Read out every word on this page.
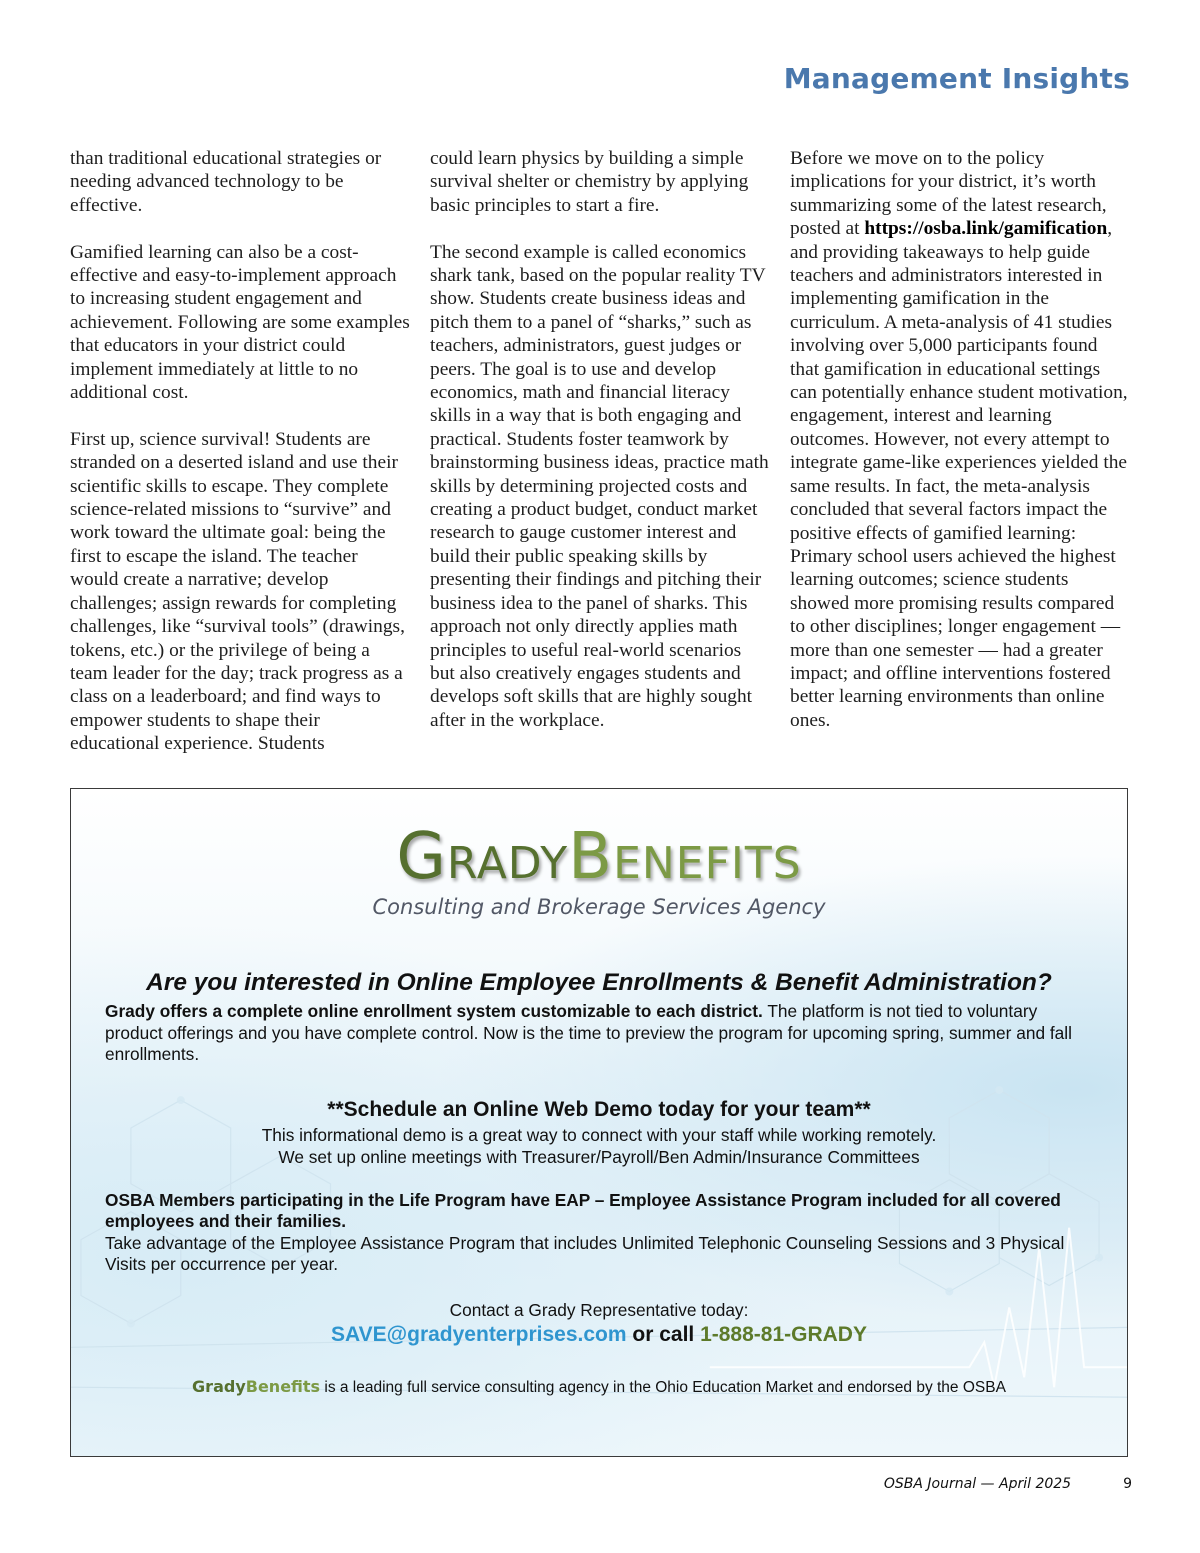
Management Insights

than traditional educational strategies or needing advanced technology to be effective.

Gamified learning can also be a cost-effective and easy-to-implement approach to increasing student engagement and achievement. Following are some examples that educators in your district could implement immediately at little to no additional cost.

First up, science survival! Students are stranded on a deserted island and use their scientific skills to escape. They complete science-related missions to “survive” and work toward the ultimate goal: being the first to escape the island. The teacher would create a narrative; develop challenges; assign rewards for completing challenges, like “survival tools” (drawings, tokens, etc.) or the privilege of being a team leader for the day; track progress as a class on a leaderboard; and find ways to empower students to shape their educational experience. Students

could learn physics by building a simple survival shelter or chemistry by applying basic principles to start a fire.

The second example is called economics shark tank, based on the popular reality TV show. Students create business ideas and pitch them to a panel of “sharks,” such as teachers, administrators, guest judges or peers. The goal is to use and develop economics, math and financial literacy skills in a way that is both engaging and practical. Students foster teamwork by brainstorming business ideas, practice math skills by determining projected costs and creating a product budget, conduct market research to gauge customer interest and build their public speaking skills by presenting their findings and pitching their business idea to the panel of sharks. This approach not only directly applies math principles to useful real-world scenarios but also creatively engages students and develops soft skills that are highly sought after in the workplace.

Before we move on to the policy implications for your district, it’s worth summarizing some of the latest research, posted at https://osba.link/gamification, and providing takeaways to help guide teachers and administrators interested in implementing gamification in the curriculum. A meta-analysis of 41 studies involving over 5,000 participants found that gamification in educational settings can potentially enhance student motivation, engagement, interest and learning outcomes. However, not every attempt to integrate game-like experiences yielded the same results. In fact, the meta-analysis concluded that several factors impact the positive effects of gamified learning: Primary school users achieved the highest learning outcomes; science students showed more promising results compared to other disciplines; longer engagement — more than one semester — had a greater impact; and offline interventions fostered better learning environments than online ones.

GRADYBENEFITS
Consulting and Brokerage Services Agency

Are you interested in Online Employee Enrollments & Benefit Administration?

Grady offers a complete online enrollment system customizable to each district. The platform is not tied to voluntary product offerings and you have complete control. Now is the time to preview the program for upcoming spring, summer and fall enrollments.

**Schedule an Online Web Demo today for your team**

This informational demo is a great way to connect with your staff while working remotely.

We set up online meetings with Treasurer/Payroll/Ben Admin/Insurance Committees

OSBA Members participating in the Life Program have EAP – Employee Assistance Program included for all covered employees and their families.
Take advantage of the Employee Assistance Program that includes Unlimited Telephonic Counseling Sessions and 3 Physical Visits per occurrence per year.

Contact a Grady Representative today:

SAVE@gradyenterprises.com or call 1-888-81-GRADY

GradyBenefits is a leading full service consulting agency in the Ohio Education Market and endorsed by the OSBA

OSBA Journal — April 2025	9
